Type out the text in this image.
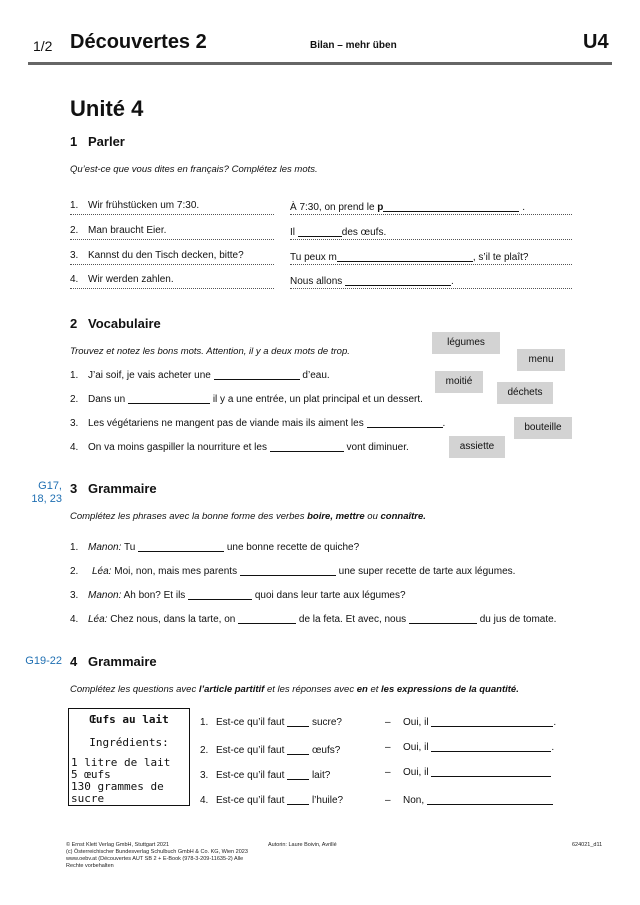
1/2 Découvertes 2	Bilan – mehr üben	U4
Unité 4
1 Parler
Qu’est-ce que vous dites en français? Complétez les mots.
1. Wir frühstücken um 7:30.	À 7:30, on prend le p	.
2. Man braucht Eier.	Il	des œufs.
3. Kannst du den Tisch decken, bitte?	Tu peux m	, s’il te plaît?
4. Wir werden zahlen.	Nous allons	.
2 Vocabulaire
Trouvez et notez les bons mots. Attention, il y a deux mots de trop.
1. J’ai soif, je vais acheter une	d’eau.
2. Dans un	il y a une entrée, un plat principal et un dessert.
3. Les végétariens ne mangent pas de viande mais ils aiment les	.
4. On va moins gaspiller la nourriture et les	vont diminuer.
légumes
menu
moitié
déchets
bouteille
assiette
G17,
18, 23
3 Grammaire
Complétez les phrases avec la bonne forme des verbes boire, mettre ou connaître.
1. Manon: Tu	une bonne recette de quiche?
2. Léa: Moi, non, mais mes parents	une super recette de tarte aux légumes.
3. Manon: Ah bon? Et ils	quoi dans leur tarte aux légumes?
4. Léa: Chez nous, dans la tarte, on	de la feta. Et avec, nous	du jus de tomate.
G19-22 4 Grammaire
Complétez les questions avec l’article partitif et les réponses avec en et les expressions de la quantité.
Œufs au lait
Ingrédients:
1 litre de lait
5 œufs
130 grammes de sucre
1. Est-ce qu’il faut	sucre?	– Oui, il	.
2. Est-ce qu’il faut	œufs?	– Oui, il	.
3. Est-ce qu’il faut	lait?	– Oui, il
4. Est-ce qu’il faut	l’huile?	– Non,
© Ernst Klett Verlag GmbH, Stuttgart 2021
(c) Österreichischer Bundesverlag Schulbuch GmbH & Co. KG, Wien 2023
www.oebv.at (Découvertes AUT SB 2 + E-Book (978-3-209-11635-2) Alle
Rechte vorbehalten
Autorin: Laure Boivin, Avrillé	624021_d11
